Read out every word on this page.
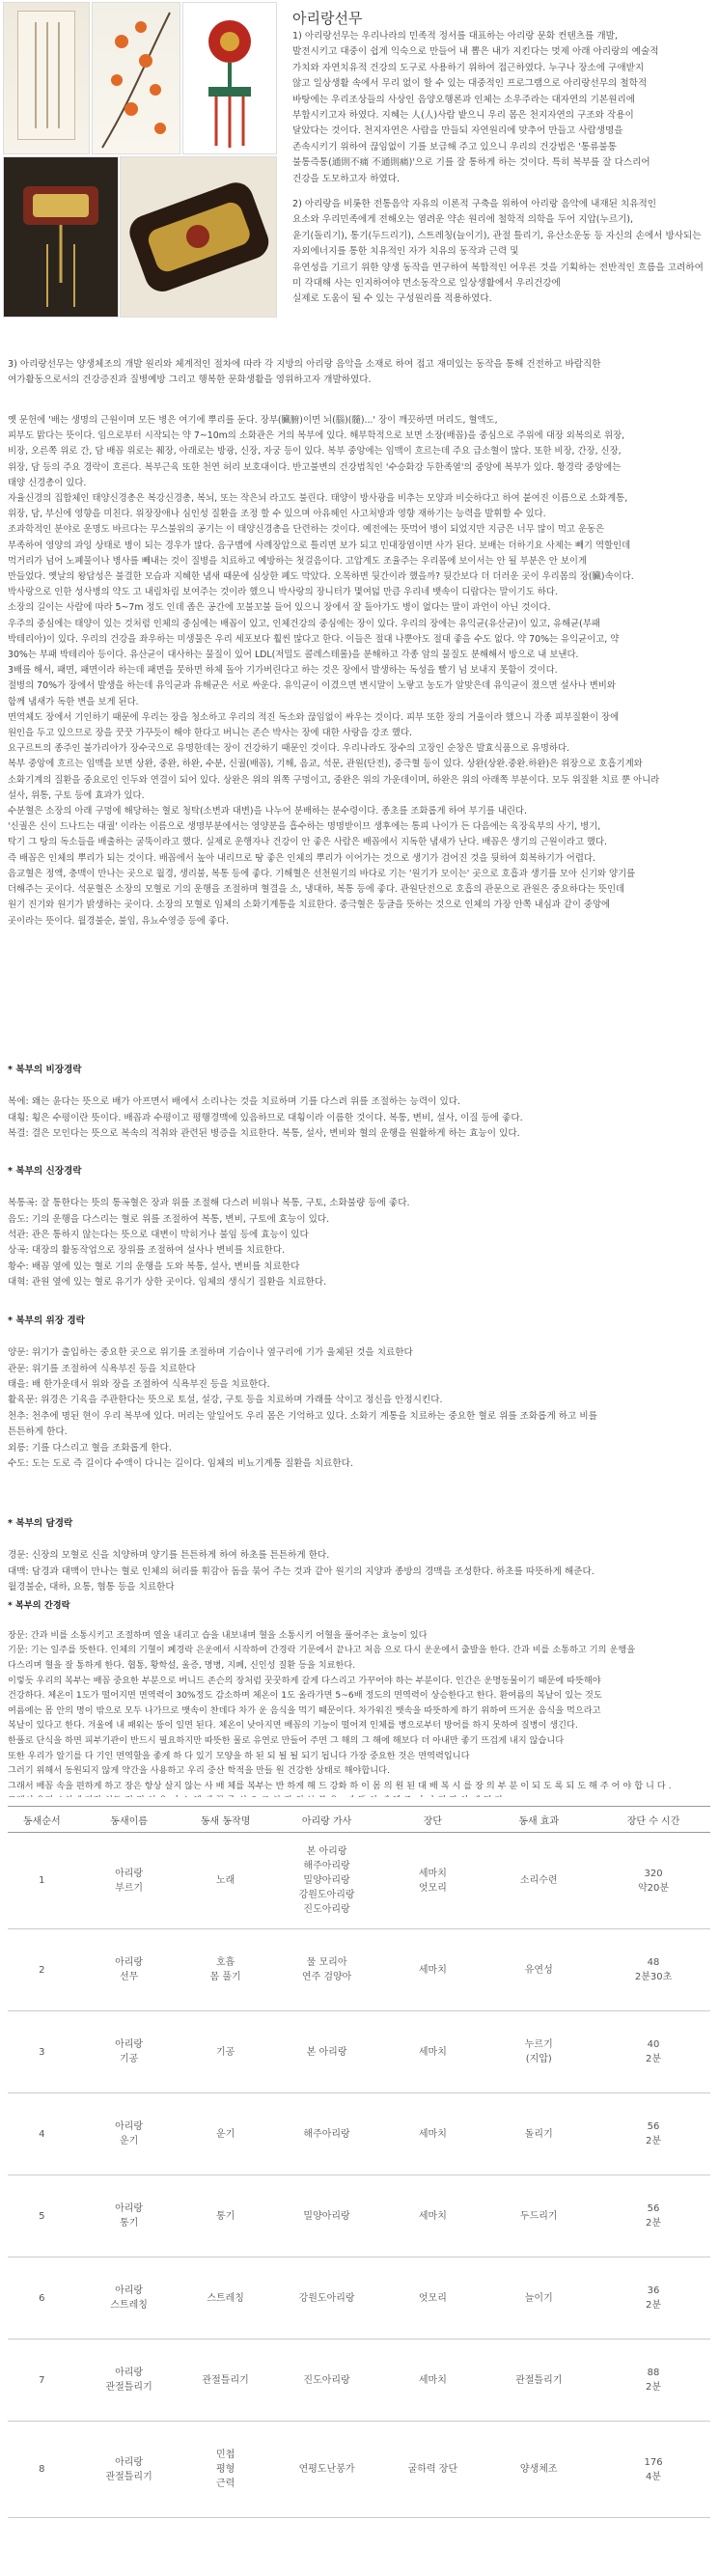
아리랑선무

1) 아리랑선무는 우리나라의 민족적 정서를 대표하는 아리랑 문화 컨텐츠를 개발,
발전시키고 대중이 쉽게 익숙으로 만들어 내 뽑은 내가 지킨다는 멋제 아래 아리랑의 예술적
가치와 자연치유적 건강의 도구로 사용하기 위하여 접근하였다. 누구나 장소에 구애받지
않고 일상생활 속에서 무리 없이 할 수 있는 대중적인 프로그램으로 아리랑선무의 철학적
바탕에는 우리조상들의 사상인 음양오행론과 인체는 소우주라는 대자연의 기본원리에
부합시키고자 하였다. 지혜는 人(人)사람 밭으니 우리 몸은 천지자연의 구조와 작용이
달았다는 것이다. 천지자연은 사람을 만들되 자연원리에 맞추어 만들고 사람생명을
존속시키기 위하여 끊임없이 기를 보급해 주고 있으니 우리의 건강법은 '통류불통
불통즉통(通則不痛 不通則痛)'으로 기를 잘 통하게 하는 것이다. 특히 복부를 잘 다스리어
건강을 도모하고자 하였다.

2) 아리랑을 비롯한 전통음악 자유의 이론적 구축을 위하여 아리랑 음악에 내재된 치유적인
요소와 우리민족에게 전해오는 염려운 약손 원리에 철학적 의학을 두어 지압(누르기),
윤기(돌리기), 통기(두드리기), 스트레칭(늘이기), 관절 틀리기, 유산소운동 등 자신의 손에서 방사되는 자외에너지를 통한 치유적인 자가 치유의 동작과 근력 및
유연성을 기르기 위한 양생 동작을 연구하여 복합적인 어우른 것을 기획하는 전반적인 흐름을 고려하여 미 각대해 사는 인지하여야 먼소동작으로 일상생활에서 우리건강에
실제로 도움이 될 수 있는 구성원리를 적용하였다.

3) 아리랑선무는 양생체조의 개발 원리와 체계적인 절차에 따라 각 지방의 아리랑 음악을 소재로 하여 접고 재미있는 동작을 통해 건전하고 바람직한
여가활동으로서의 건강증진과 질병예방 그리고 행복한 문화생활을 영위하고자 개발하였다.

옛 문헌에 '배는 생명의 근원이며 모든 병은 여기에 뿌리를 둔다. 장부(臟腑)이면 뇌(腦)(髓)...' 장이 깨끗하면 머리도, 혈액도,
피부도 맑다는 뜻이다. 임으로부터 시작되는 약 7~10m의 소화관은 거의 복부에 있다. 해부학적으로 보면 소장(배꼽)을 중심으로 주위에 대장 외복의로 위장,
비장, 오른쪽 위로 간, 담 배꼽 위로는 췌장, 아래로는 방광, 신장, 자궁 등이 있다. 복부 중앙에는 임맥이 흐르는데 주요 급소혈이 많다. 또한 비장, 간장, 신장,
위장, 담 등의 주요 경락이 흐른다. 복부근육 또한 천연 허리 보호대이다. 반고불변의 건강법칙인 '수승화강 두한족열'의 중앙에 복부가 있다. 황경락 중앙에는
태양 신경총이 있다.
자율신경의 집합체인 태양신경총은 복강신경총, 복뇌, 또는 작은뇌 라고도 불린다. 태양이 방사광을 비추는 모양과 비슷하다고 하여 붙여진 이름으로 소화계통,
위장, 담, 부신에 영향을 미친다. 위장장애나 심인성 질환을 조정 할 수 있으며 아유헤인 사고처방과 영향 재하기는 능력을 발휘할 수 있다.
조과학적인 분야로 운명도 바르다는 무스불위의 공기는 이 태양신경총을 단련하는 것이다. 예전에는 뜻먹어 병이 되었지만 지금은 너무 많이 먹고 운동은
부족하여 영양의 과잉 상태로 병이 되는 경우가 많다. 음구맵에 사례장압으로 틀리면 보가 되고 민대장염이면 사가 된다. 보배는 더하기요 사제는 빼기 역할인데
먹거리가 넘어 노폐물이나 병사를 빼내는 것이 질병을 치료하고 예방하는 첫걸음이다. 고압계도 조율주는 우리몸에 보이서는 안 될 부분은 안 보이게
만들었다. 옛날의 왕답성은 불결한 모습과 지혜한 냄새 때문에 심상한 폐도 막았다. 오목하면 뒷간이라 했을까? 뒷간보다 더 더러운 곳이 우리몸의 장(臟)속이다.
박사랑으로 인한 성사병의 약도 고 내림차림 보여주는 것이라 했으니 박사랑의 장니터가 몇여덟 만큼 우리네 뱃속이 디랍다는 말이기도 하다.
소장의 길이는 사람에 따라 5~7m 정도 인데 좁은 공간에 꼬불꼬불 들어 있으니 장에서 잘 돌아가도 병이 없다는 말이 과언이 아닌 것이다.
우주의 중심에는 태양이 있는 것처럼 인체의 중심에는 배꼽이 있고, 인체건강의 중심에는 장이 있다. 우리의 장에는 유익균(유산균)이 있고, 유해균(부패
박테리아)이 있다. 우리의 건강을 좌우하는 미생물은 우리 세포보다 훨씬 많다고 한다. 이들은 절대 나뿐아도 절대 좋을 수도 없다. 약 70%는 유익균이고, 약
30%는 부패 박테리아 등이다. 유산균이 대사하는 물질이 있어 LDL(저밀도 콜레스테롤)을 분해하고 각종 암의 물질도 분해해서 방으로 내 보낸다.
3배를 해서, 패면, 패면이라 하는데 패면을 뭇하면 하체 돌아 기가버린다고 하는 것은 장에서 발생하는 독성을 빨기 넘 보내지 못함이 것이다.
절병의 70%가 장에서 발생을 하는데 유익균과 유해균은 서로 싸운다. 유익균이 이겼으면 변시말이 노랗고 농도가 알맞은데 유익균이 졌으면 설사나 변비와
함께 냄새가 독한 변을 보게 된다.
면역체도 장에서 기인하기 때문에 우리는 장을 청소하고 우리의 적진 독소와 끊임없이 싸우는 것이다. 피부 또한 장의 거울이라 했으니 각종 피부질환이 장에
원인을 두고 있으므로 장을 꿋꿋 가꾸듯이 해야 한다고 버니는 존슨 박사는 장에 대한 사랑을 강조 했다.
요구르트의 종주인 불가리아가 장수국으로 유명한데는 장이 건강하기 때문인 것이다. 우리나라도 장수의 고장인 순창은 발효식품으로 유명하다.
복부 중앙에 흐르는 임맥을 보면 상완, 중완, 하완, 수분, 신궐(배꼽), 기해, 음교, 석문, 관원(단전), 중극혈 등이 있다. 상완(상완.중완.하완)은 위장으로 호흡기계와
소화기계의 질환을 중요로인 인두와 연결이 되어 있다. 상완은 위의 위쪽 구멍이고, 중완은 위의 가운데이며, 하완은 위의 아래쪽 부분이다. 모두 위질환 치료 뿐 아니라
설사, 위통, 구토 등에 효과가 있다.
수분혈은 소장의 아래 구멍에 해당하는 혈로 청탁(소변과 대변)을 나누어 분배하는 분수령이다. 종초를 조화롭게 하여 부기를 내린다.
'신궐은 신이 드나드는 대궐' 이라는 이름으로 생명부분에서는 영양분을 흡수하는 명명받이므 생후에는 통피 나이가 든 다음에는 육장육부의 사기, 병기,
탁기 그 탕의 독소들을 배출하는 굴뚝이라고 했다. 실제로 운행자나 건강이 안 좋은 사람은 배꼽에서 지독한 냄새가 난다. 배꼽은 생기의 근원이라고 했다.
즉 배꼽은 인체의 뿌리가 되는 것이다. 배꼽에서 높아 내리므로 땅 좋은 인체의 뿌리가 이어가는 것으로 생기가 검어진 것을 뒷하여 회복하기가 어렵다.
음교혈은 정액, 충맥이 만나는 곳으로 월경, 생리불, 복통 등에 좋다. 기해혈은 선천원기의 바다로 기는 '원기가 모이는' 곳으로 호흡과 생기를 모아 신기와 양기를
더해주는 곳이다. 석문혈은 소장의 모혈로 기의 운행을 조절하며 혈결을 소, 냉대하, 복통 등에 좋다. 관원단전으로 호흡의 관문으로 관원은 중요하다는 뜻인데
원기 진기와 원기가 밝생하는 곳이다. 소장의 모혈로 임체의 소화기계통을 치료한다. 중극혈은 둥글을 뜻하는 것으로 인체의 가장 안쪽 내심과 같이 중앙에
곳이라는 뜻이다. 월경불순, 불임, 유뇨수영증 등에 좋다.

* 복부의 비장경락

복에: 왜는 윤다는 뜻으로 배가 아프면서 배에서 소리나는 것을 치료하며 기를 다스려 위를 조절하는 능력이 있다.
대횡: 횡은 수평이란 뜻이다. 배꼽과 수평이고 평행경맥에 있음하므로 대횡이라 이름한 것이다. 복통, 변비, 설사, 이질 등에 좋다.
복결: 결은 모인다는 뜻으로 복속의 적취와 관련된 병증을 치료한다. 복통, 설사, 변비와 혈의 운행을 원활하게 하는 효능이 있다.

* 복부의 신장경락

복통곡: 잘 통한다는 뜻의 통곡혈은 장과 위를 조절해 다스려 비위나 복통, 구토, 소화불량 등에 좋다.
음도: 기의 운행을 다스리는 혈로 위를 조절하여 복통, 변비, 구토에 효능이 있다.
석관: 관은 통하지 않는다는 뜻으로 대변이 막히거나 불임 등에 효능이 있다
상곡: 대장의 활동작업으로 장위를 조절하여 설사나 변비를 치료한다.
황수: 배꼽 옆에 있는 혈로 기의 운행을 도와 복통, 설사, 변비를 치료한다
대혁: 관원 옆에 있는 혈로 유기가 상한 곳이다. 임체의 생식기 질환을 치료한다.

* 복부의 위장 경락

양문: 위기가 출입하는 중요한 곳으로 위기를 조절하며 기슴이나 옆구리에 기가 울체된 것을 치료한다
관문: 위기를 조절하여 식욕부진 등을 치료한다
태을: 배 한가운데서 위와 장을 조절하여 식욕부진 등을 치료한다.
활육문: 위경은 기육을 주관한다는 뜻으로 토설, 설강, 구토 등을 치료하며 가래를 삭이고 정신을 안정시킨다.
천추: 천추에 명된 현이 우리 복부에 있다. 머리는 앞일어도 우리 몸은 기억하고 있다. 소화기 계통을 치료하는 중요한 혈로 위를 조화롭게 하고 비를
튼튼하게 한다.
외릉: 기를 다스리고 혈을 조화롭게 한다.
수도: 도는 도로 즉 길이다 수액이 다니는 길이다. 임체의 비뇨기계통 질환을 치료한다.

* 복부의 담경락

경문: 신장의 모혈로 신을 치양하며 양기를 튼튼하게 하여 하초를 튼튼하게 한다.
대맥: 담경과 대맥이 만나는 혈로 인체의 허리를 휘감아 돔을 묶어 주는 것과 같아 원기의 지양과 종방의 경맥을 조성한다. 하초를 따뜻하게 해준다.
월경불순, 대하, 요통, 협통 등을 치료한다

* 복부의 간경락

장문: 간과 비를 소통시키고 조절하며 열을 내리고 습을 내보내며 혈을 소통시키 어혈을 풀어주는 효능이 있다
기문: 기는 일주를 뜻한다. 인체의 기혈이 폐경락 은운에서 시작하여 간경락 기문에서 끝나고 처음 으로 다시 운운에서 출발을 한다. 간과 비를 소통하고 기의 운행을
다스리며 혈을 잘 통하게 한다. 협통, 황학설, 울증, 명병, 지폐, 신인성 질환 등을 치료한다.
이렇듯 우리의 복부는 배꼽 중요한 부분으로 버니드 존슨의 장처럼 꿋꿋하게 갈게 다스리고 가꾸어야 하는 부분이다. 인간은 운명동물이기 때문에 따뜻해야
건강하다. 체온이 1도가 떨어지면 면역력이 30%정도 감소하며 체온이 1도 올라가면 5~6배 정도의 면역력이 상승한다고 한다. 환여름의 복날이 있는 것도
여름에는 몸 안의 명이 밖으로 모두 나가므로 뱃속이 찬데다 차가 운 음식을 먹기 때문이다. 차가워진 뱃속을 따뜻하게 하기 위하여 뜨거운 음식을 먹으라고
복날이 있다고 한다. 겨울에 내 패워는 뚱이 일면 된다. 체온이 낮아지면 배꼽의 기능이 떨어져 인체를 병으로부터 방어를 하지 못하여 질병이 생긴다.
한풀로 단식을 하면 피부기관이 반드시 필요하지만 따뜻한 물로 유연로 만들어 주면 그 해의 그 해에 해보다 더 아내만 좋기 뜨겁게 내지 않습니다
또한 우리가 알기를 다 기인 면역할을 좋게 하 다 있기 모양을 하 된 되 될 될 되기 됩니다 가장 중요한 것은 면역력입니다
그러기 위해서 동원되지 않게 약간을 사용하고 우리 중산 학적을 만들 원 건강한 상태로 해야합니다.
그래서 배꼽 속을 편하게 하고 장은 항상 살지 않는 사 배 체를 복부는 반 하게 해 드 강화 하 이 몸 의 원 된 대 배 복 시 를 장 의 부 분 이 되 도 록 되 도 해 주 어 야 합 니 다 .

동새순서	동새이름	동새 동작명	아리랑 가사	장단	동새 효과	장단 수 시간
1	아리랑
부르기	노래	본 아리랑
해주아리랑
밀양아리랑
강원도아리랑
진도아리랑	세마치
엇모리	소리수련	320
약20분
2	아리랑
선무	호흡
몸 풀기	물 모리아
연주 검양아	세마치	유연성	48
2분30초
3	아리랑
기공	기공	본 아리랑	세마치	누르기
(지압)	40
2분
4	아리랑
운기	운기	해주아리랑	세마치	돌리기	56
2분
5	아리랑
통기	통기	밀양아리랑	세마치	두드리기	56
2분
6	아리랑
스트레칭	스트레칭	강원도아리랑	엇모리	늘이기	36
2분
7	아리랑
관절틀리기	관절틀리기	진도아리랑	세마치	관절틀리기	88
2분
8	아리랑
관절틀리기	민첩
평형
근력	연평도난봉가	굴하력 장단	양생체조	176
4분
